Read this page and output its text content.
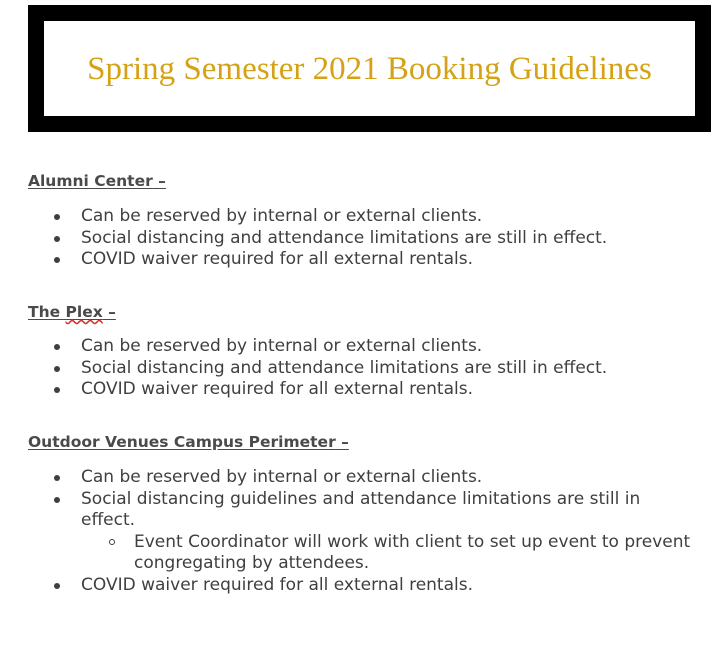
Spring Semester 2021 Booking Guidelines
Alumni Center –
Can be reserved by internal or external clients.
Social distancing and attendance limitations are still in effect.
COVID waiver required for all external rentals.
The Plex –
Can be reserved by internal or external clients.
Social distancing and attendance limitations are still in effect.
COVID waiver required for all external rentals.
Outdoor Venues Campus Perimeter –
Can be reserved by internal or external clients.
Social distancing guidelines and attendance limitations are still in effect.
Event Coordinator will work with client to set up event to prevent congregating by attendees.
COVID waiver required for all external rentals.
